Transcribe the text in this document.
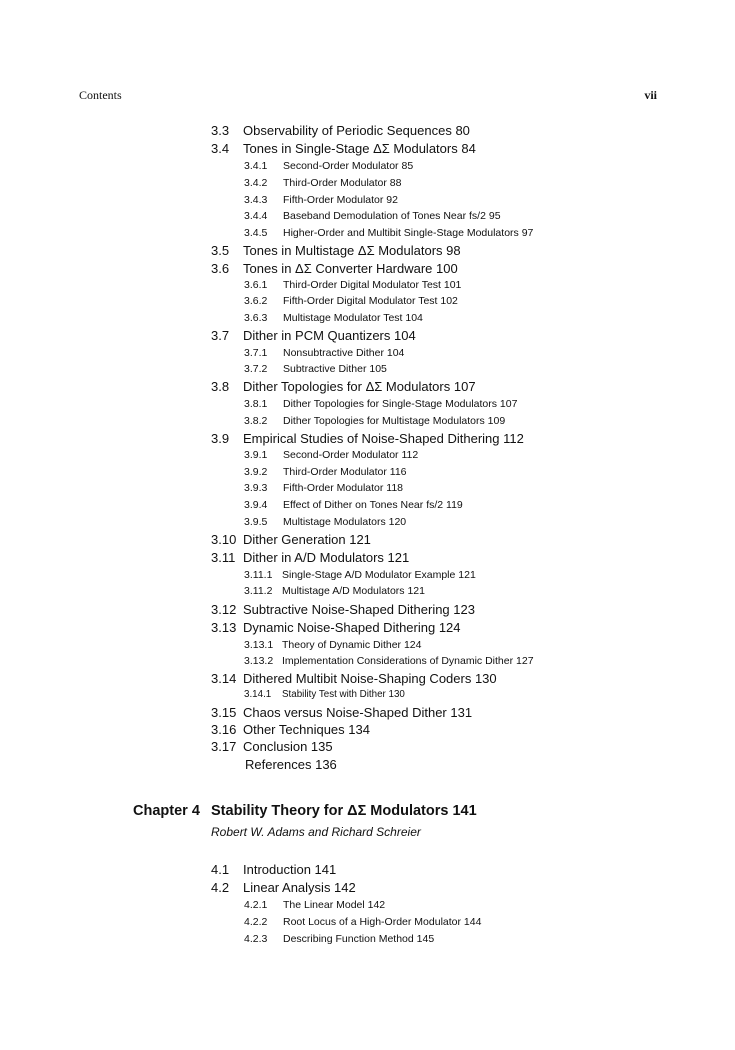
Contents	vii
3.3 Observability of Periodic Sequences 80
3.4 Tones in Single-Stage ΔΣ Modulators 84
3.4.1 Second-Order Modulator 85
3.4.2 Third-Order Modulator 88
3.4.3 Fifth-Order Modulator 92
3.4.4 Baseband Demodulation of Tones Near fs/2 95
3.4.5 Higher-Order and Multibit Single-Stage Modulators 97
3.5 Tones in Multistage ΔΣ Modulators 98
3.6 Tones in ΔΣ Converter Hardware 100
3.6.1 Third-Order Digital Modulator Test 101
3.6.2 Fifth-Order Digital Modulator Test 102
3.6.3 Multistage Modulator Test 104
3.7 Dither in PCM Quantizers 104
3.7.1 Nonsubtractive Dither 104
3.7.2 Subtractive Dither 105
3.8 Dither Topologies for ΔΣ Modulators 107
3.8.1 Dither Topologies for Single-Stage Modulators 107
3.8.2 Dither Topologies for Multistage Modulators 109
3.9 Empirical Studies of Noise-Shaped Dithering 112
3.9.1 Second-Order Modulator 112
3.9.2 Third-Order Modulator 116
3.9.3 Fifth-Order Modulator 118
3.9.4 Effect of Dither on Tones Near fs/2 119
3.9.5 Multistage Modulators 120
3.10 Dither Generation 121
3.11 Dither in A/D Modulators 121
3.11.1 Single-Stage A/D Modulator Example 121
3.11.2 Multistage A/D Modulators 121
3.12 Subtractive Noise-Shaped Dithering 123
3.13 Dynamic Noise-Shaped Dithering 124
3.13.1 Theory of Dynamic Dither 124
3.13.2 Implementation Considerations of Dynamic Dither 127
3.14 Dithered Multibit Noise-Shaping Coders 130
3.14.1 Stability Test with Dither 130
3.15 Chaos versus Noise-Shaped Dither 131
3.16 Other Techniques 134
3.17 Conclusion 135
References 136
Chapter 4 Stability Theory for ΔΣ Modulators 141
Robert W. Adams and Richard Schreier
4.1 Introduction 141
4.2 Linear Analysis 142
4.2.1 The Linear Model 142
4.2.2 Root Locus of a High-Order Modulator 144
4.2.3 Describing Function Method 145
